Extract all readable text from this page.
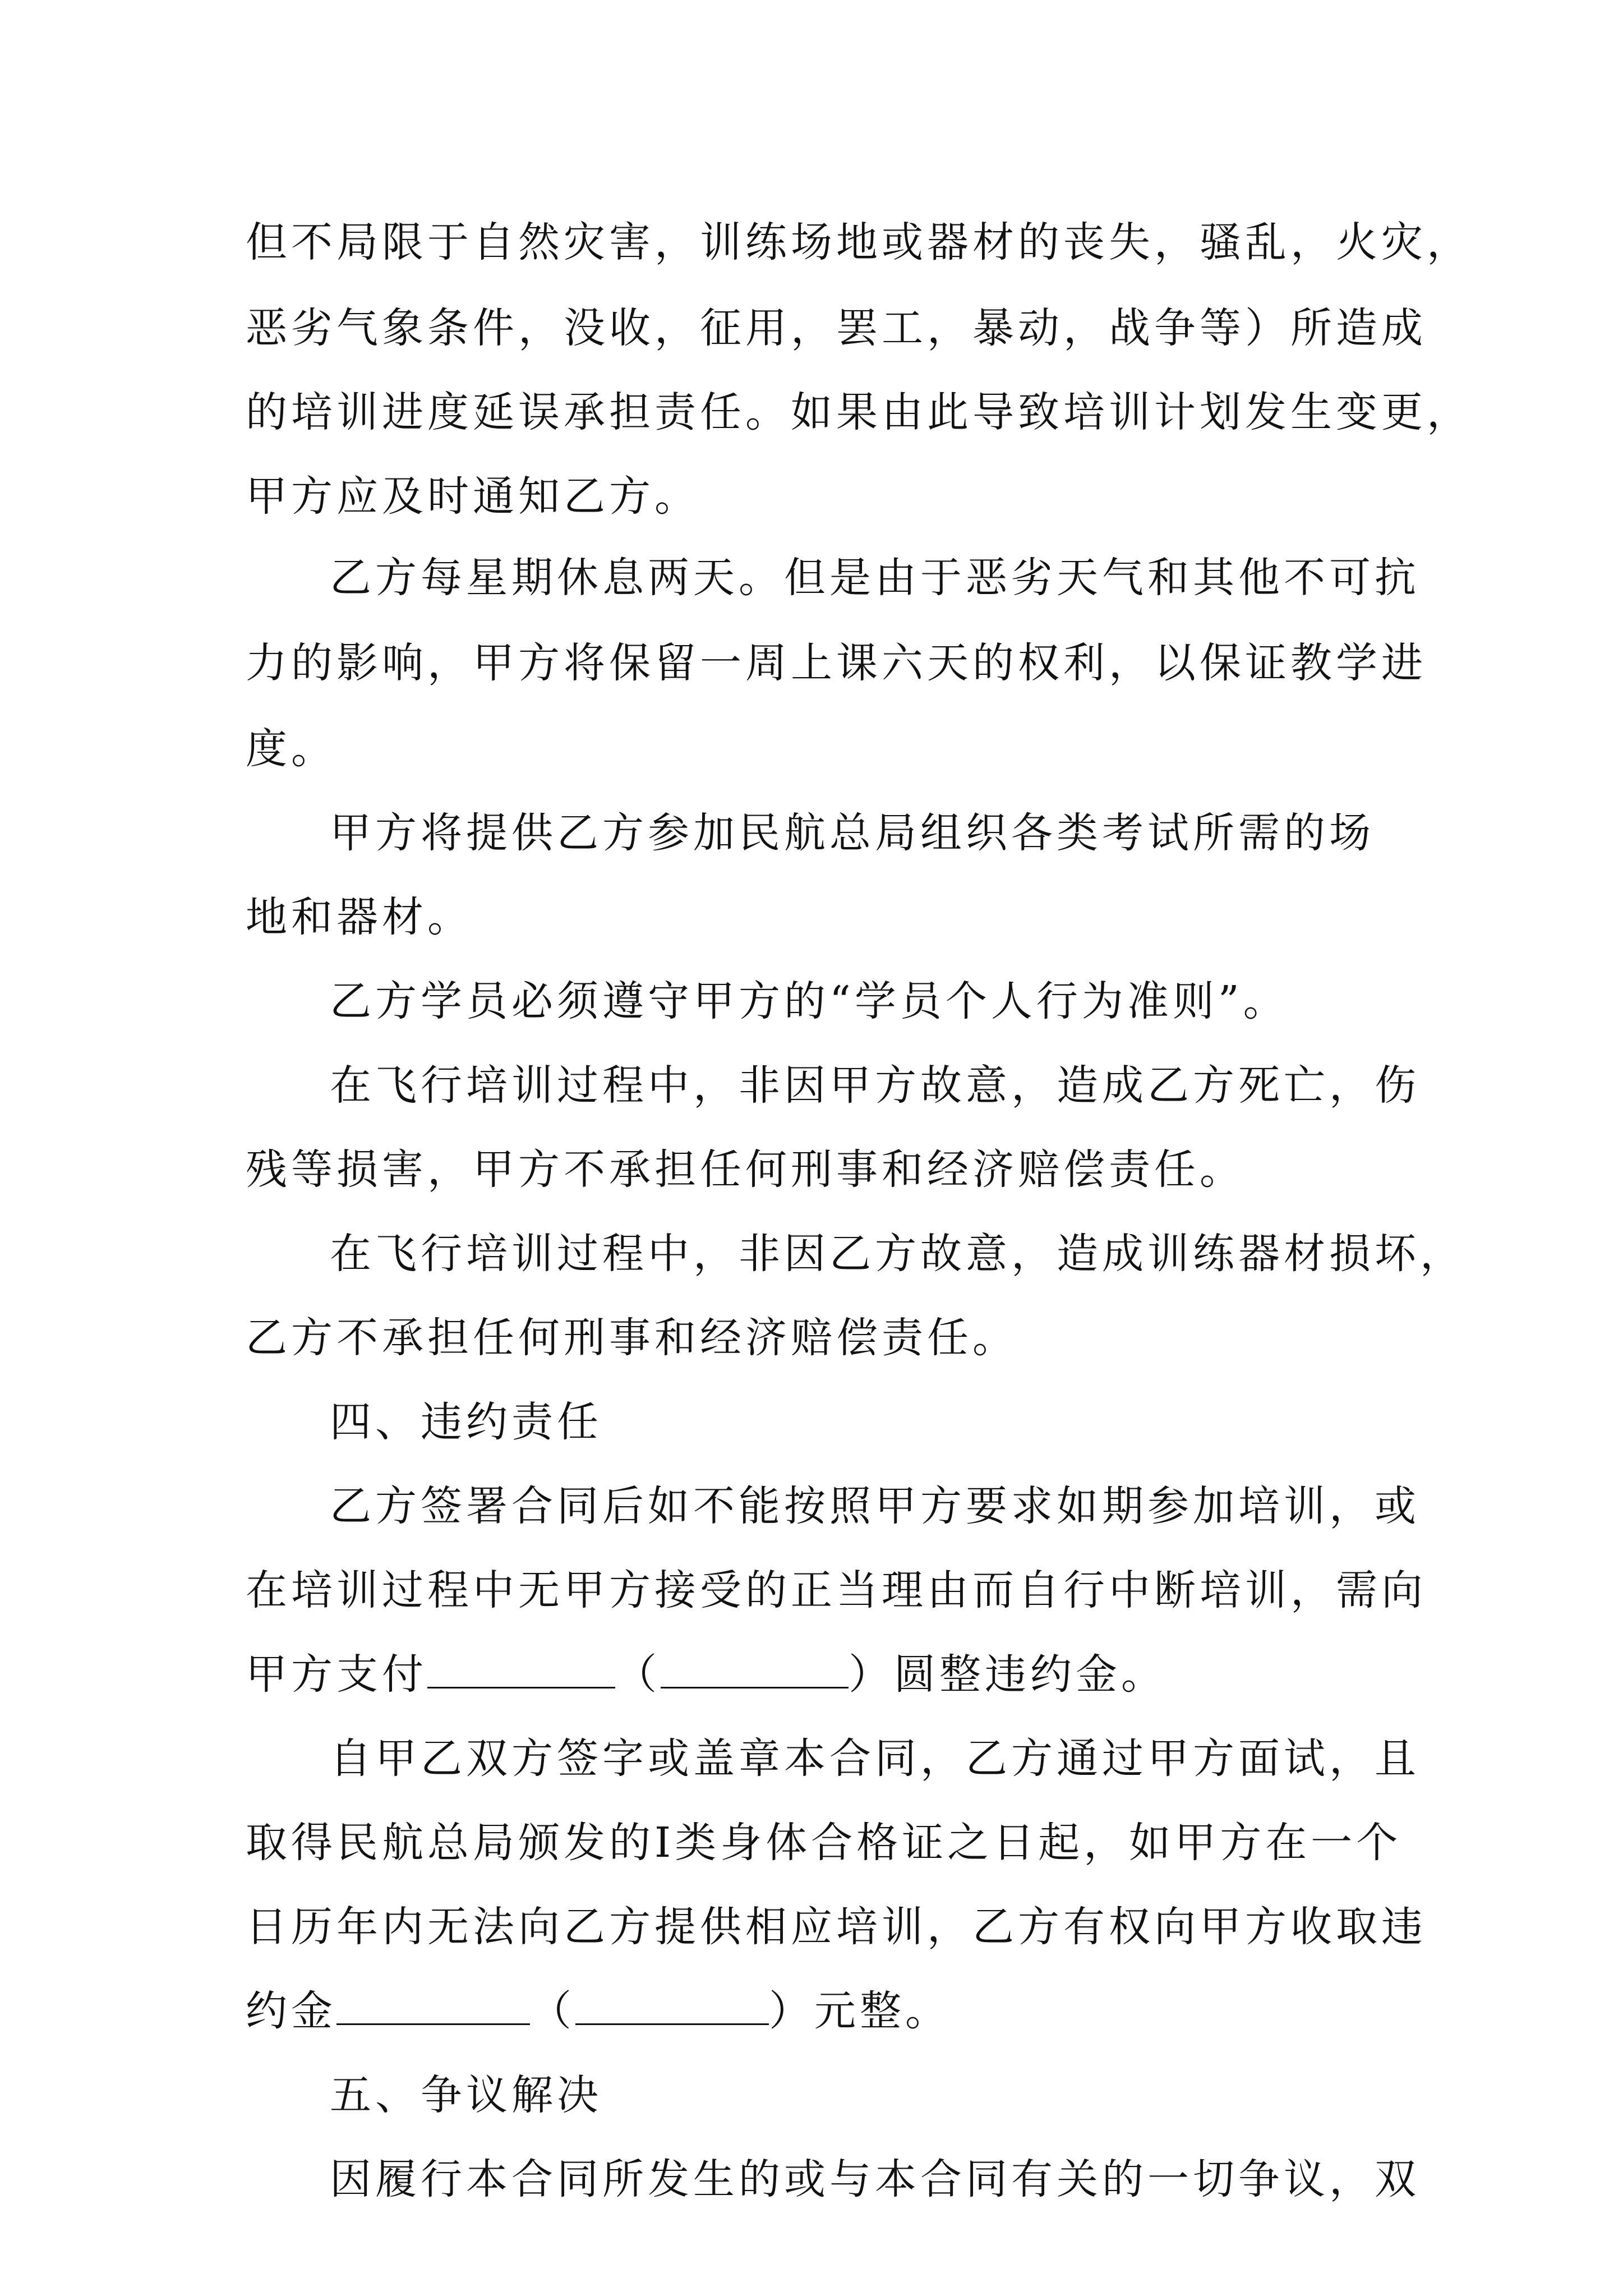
但不局限于自然灾害，训练场地或器材的丧失，骚乱，火灾，
恶劣气象条件，没收，征用，罢工，暴动，战争等）所造成
的培训进度延误承担责任。如果由此导致培训计划发生变更，
甲方应及时通知乙方。
乙方每星期休息两天。但是由于恶劣天气和其他不可抗
力的影响，甲方将保留一周上课六天的权利，以保证教学进
度。
甲方将提供乙方参加民航总局组织各类考试所需的场
地和器材。
乙方学员必须遵守甲方的“学员个人行为准则”。
在飞行培训过程中，非因甲方故意，造成乙方死亡，伤
残等损害，甲方不承担任何刑事和经济赔偿责任。
在飞行培训过程中，非因乙方故意，造成训练器材损坏，
乙方不承担任何刑事和经济赔偿责任。
四、违约责任
乙方签署合同后如不能按照甲方要求如期参加培训，或
在培训过程中无甲方接受的正当理由而自行中断培训，需向
甲方支付	（	）圆整违约金。
自甲乙双方签字或盖章本合同，乙方通过甲方面试，且
取得民航总局颁发的Ⅰ类身体合格证之日起，如甲方在一个
日历年内无法向乙方提供相应培训，乙方有权向甲方收取违
约金	（	）元整。
五、争议解决
因履行本合同所发生的或与本合同有关的一切争议，双
